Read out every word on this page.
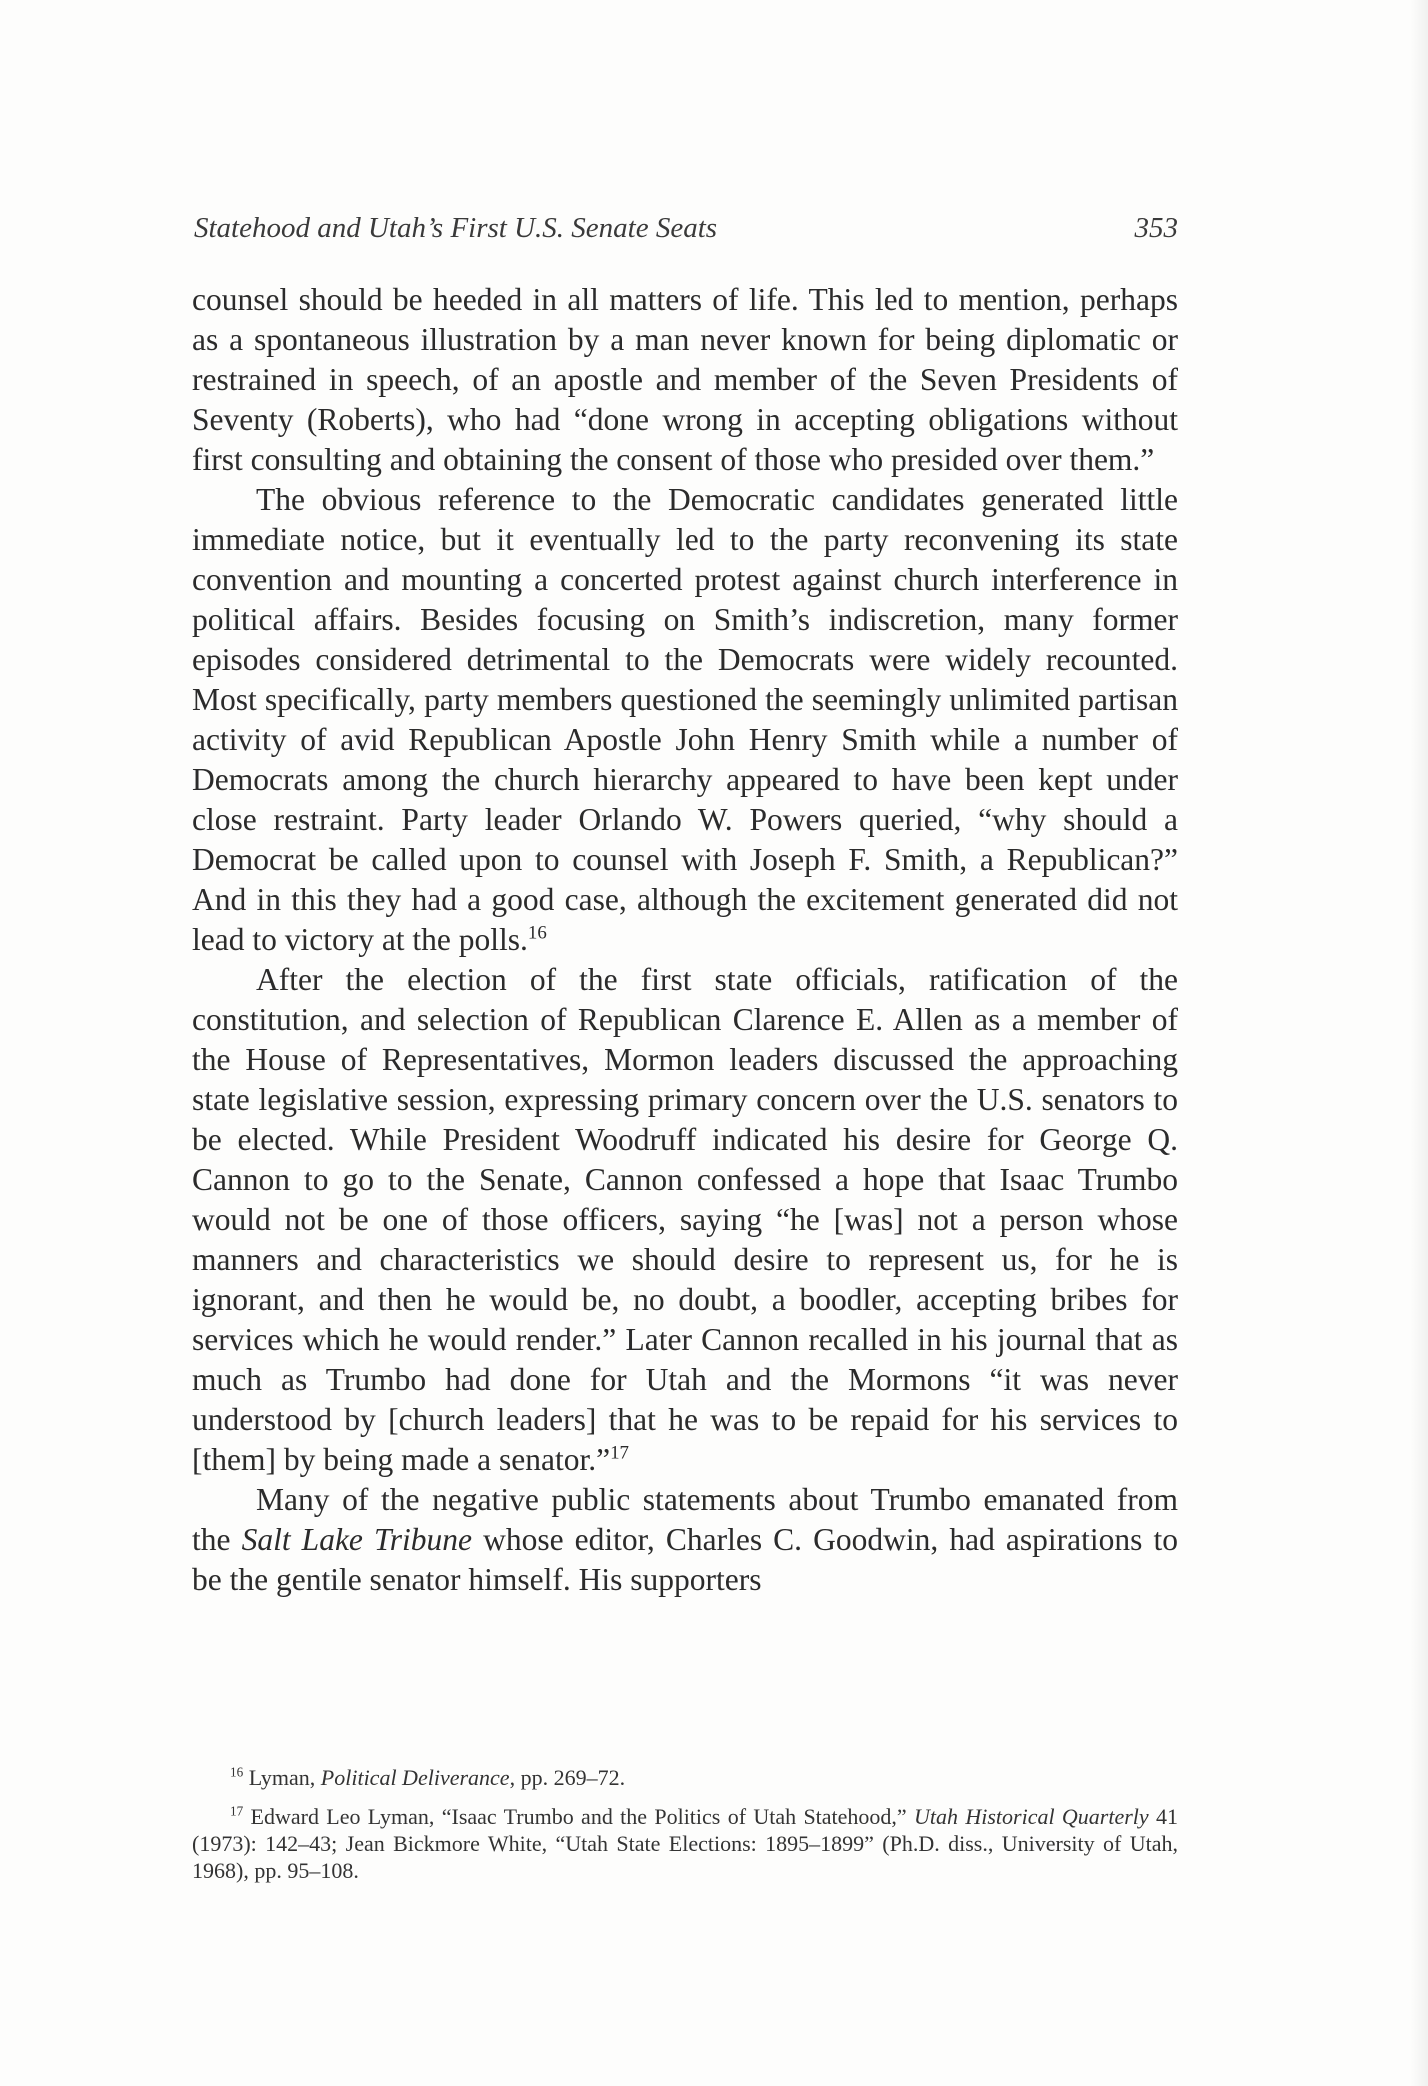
Statehood and Utah’s First U.S. Senate Seats	353

counsel should be heeded in all matters of life. This led to mention, perhaps as a spontaneous illustration by a man never known for being diplomatic or restrained in speech, of an apostle and member of the Seven Presidents of Seventy (Roberts), who had “done wrong in accepting obligations without first consulting and obtaining the consent of those who presided over them.”

The obvious reference to the Democratic candidates generated little immediate notice, but it eventually led to the party reconvening its state convention and mounting a concerted protest against church interference in political affairs. Besides focusing on Smith’s indiscretion, many former episodes considered detrimental to the Democrats were widely recounted. Most specifically, party members questioned the seemingly unlimited partisan activity of avid Republican Apostle John Henry Smith while a number of Democrats among the church hierarchy appeared to have been kept under close restraint. Party leader Orlando W. Powers queried, “why should a Democrat be called upon to counsel with Joseph F. Smith, a Republican?” And in this they had a good case, although the excitement generated did not lead to victory at the polls.$^{16}$

After the election of the first state officials, ratification of the constitution, and selection of Republican Clarence E. Allen as a member of the House of Representatives, Mormon leaders discussed the approaching state legislative session, expressing primary concern over the U.S. senators to be elected. While President Woodruff indicated his desire for George Q. Cannon to go to the Senate, Cannon confessed a hope that Isaac Trumbo would not be one of those officers, saying “he [was] not a person whose manners and characteristics we should desire to represent us, for he is ignorant, and then he would be, no doubt, a boodler, accepting bribes for services which he would render.” Later Cannon recalled in his journal that as much as Trumbo had done for Utah and the Mormons “it was never understood by [church leaders] that he was to be repaid for his services to [them] by being made a senator.”$^{17}$

Many of the negative public statements about Trumbo emanated from the Salt Lake Tribune whose editor, Charles C. Goodwin, had aspirations to be the gentile senator himself. His supporters

$^{16}$ Lyman, Political Deliverance, pp. 269–72.

$^{17}$ Edward Leo Lyman, “Isaac Trumbo and the Politics of Utah Statehood,” Utah Historical Quarterly 41 (1973): 142–43; Jean Bickmore White, “Utah State Elections: 1895–1899” (Ph.D. diss., University of Utah, 1968), pp. 95–108.
